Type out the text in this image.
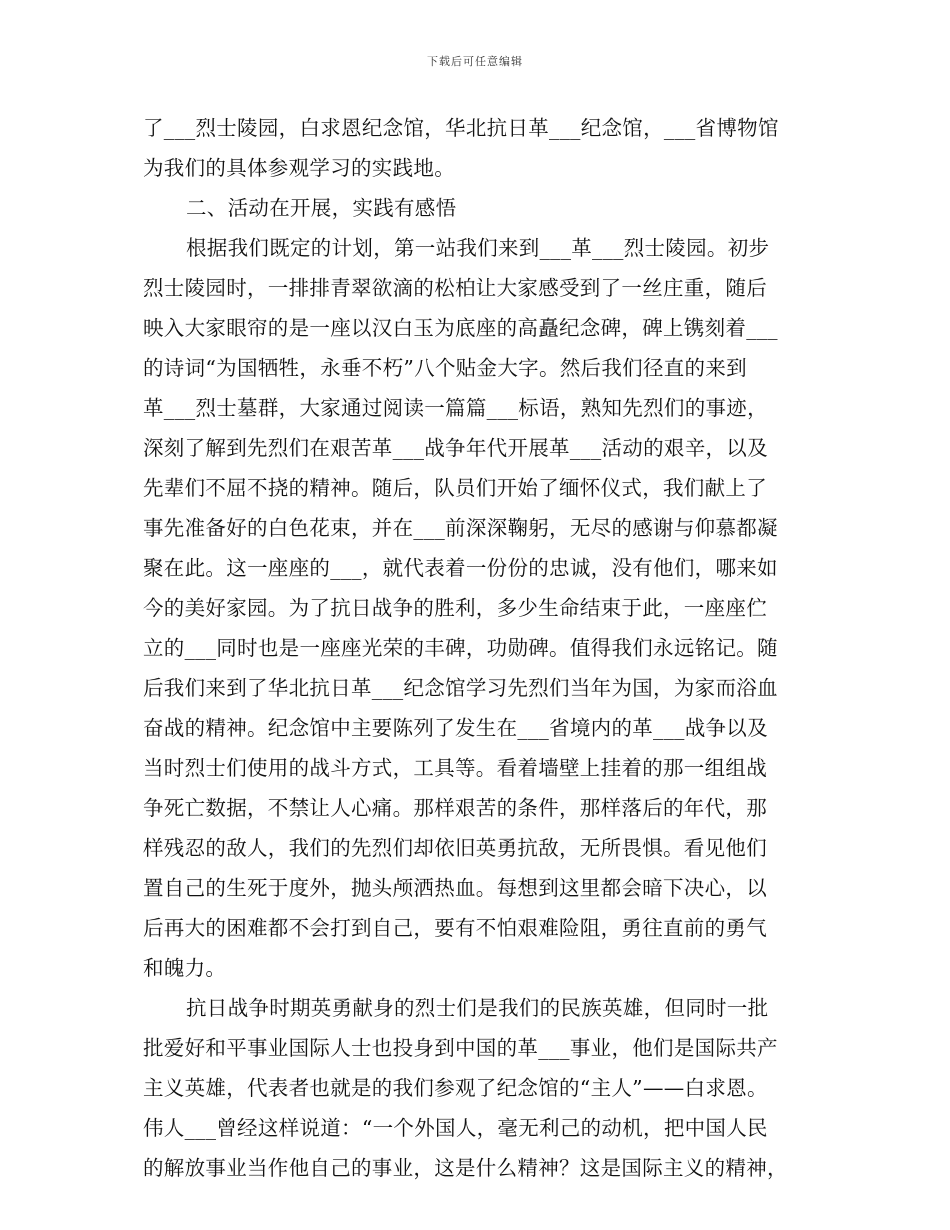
下载后可任意编辑
了___烈士陵园，白求恩纪念馆，华北抗日革___纪念馆，___省博物馆
为我们的具体参观学习的实践地。
二、活动在开展，实践有感悟
根据我们既定的计划，第一站我们来到___革___烈士陵园。初步
烈士陵园时，一排排青翠欲滴的松柏让大家感受到了一丝庄重，随后
映入大家眼帘的是一座以汉白玉为底座的高矗纪念碑，碑上镌刻着___
的诗词“为国牺牲，永垂不朽”八个贴金大字。然后我们径直的来到
革___烈士墓群，大家通过阅读一篇篇___标语，熟知先烈们的事迹，
深刻了解到先烈们在艰苦革___战争年代开展革___活动的艰辛，以及
先辈们不屈不挠的精神。随后，队员们开始了缅怀仪式，我们献上了
事先准备好的白色花束，并在___前深深鞠躬，无尽的感谢与仰慕都凝
聚在此。这一座座的___，就代表着一份份的忠诚，没有他们，哪来如
今的美好家园。为了抗日战争的胜利，多少生命结束于此，一座座伫
立的___同时也是一座座光荣的丰碑，功勋碑。值得我们永远铭记。随
后我们来到了华北抗日革___纪念馆学习先烈们当年为国，为家而浴血
奋战的精神。纪念馆中主要陈列了发生在___省境内的革___战争以及
当时烈士们使用的战斗方式，工具等。看着墙壁上挂着的那一组组战
争死亡数据，不禁让人心痛。那样艰苦的条件，那样落后的年代，那
样残忍的敌人，我们的先烈们却依旧英勇抗敌，无所畏惧。看见他们
置自己的生死于度外，抛头颅洒热血。每想到这里都会暗下决心，以
后再大的困难都不会打到自己，要有不怕艰难险阻，勇往直前的勇气
和魄力。
抗日战争时期英勇献身的烈士们是我们的民族英雄，但同时一批
批爱好和平事业国际人士也投身到中国的革___事业，他们是国际共产
主义英雄，代表者也就是的我们参观了纪念馆的“主人”——白求恩。
伟人___曾经这样说道：“一个外国人，毫无利己的动机，把中国人民
的解放事业当作他自己的事业，这是什么精神？这是国际主义的精神，
